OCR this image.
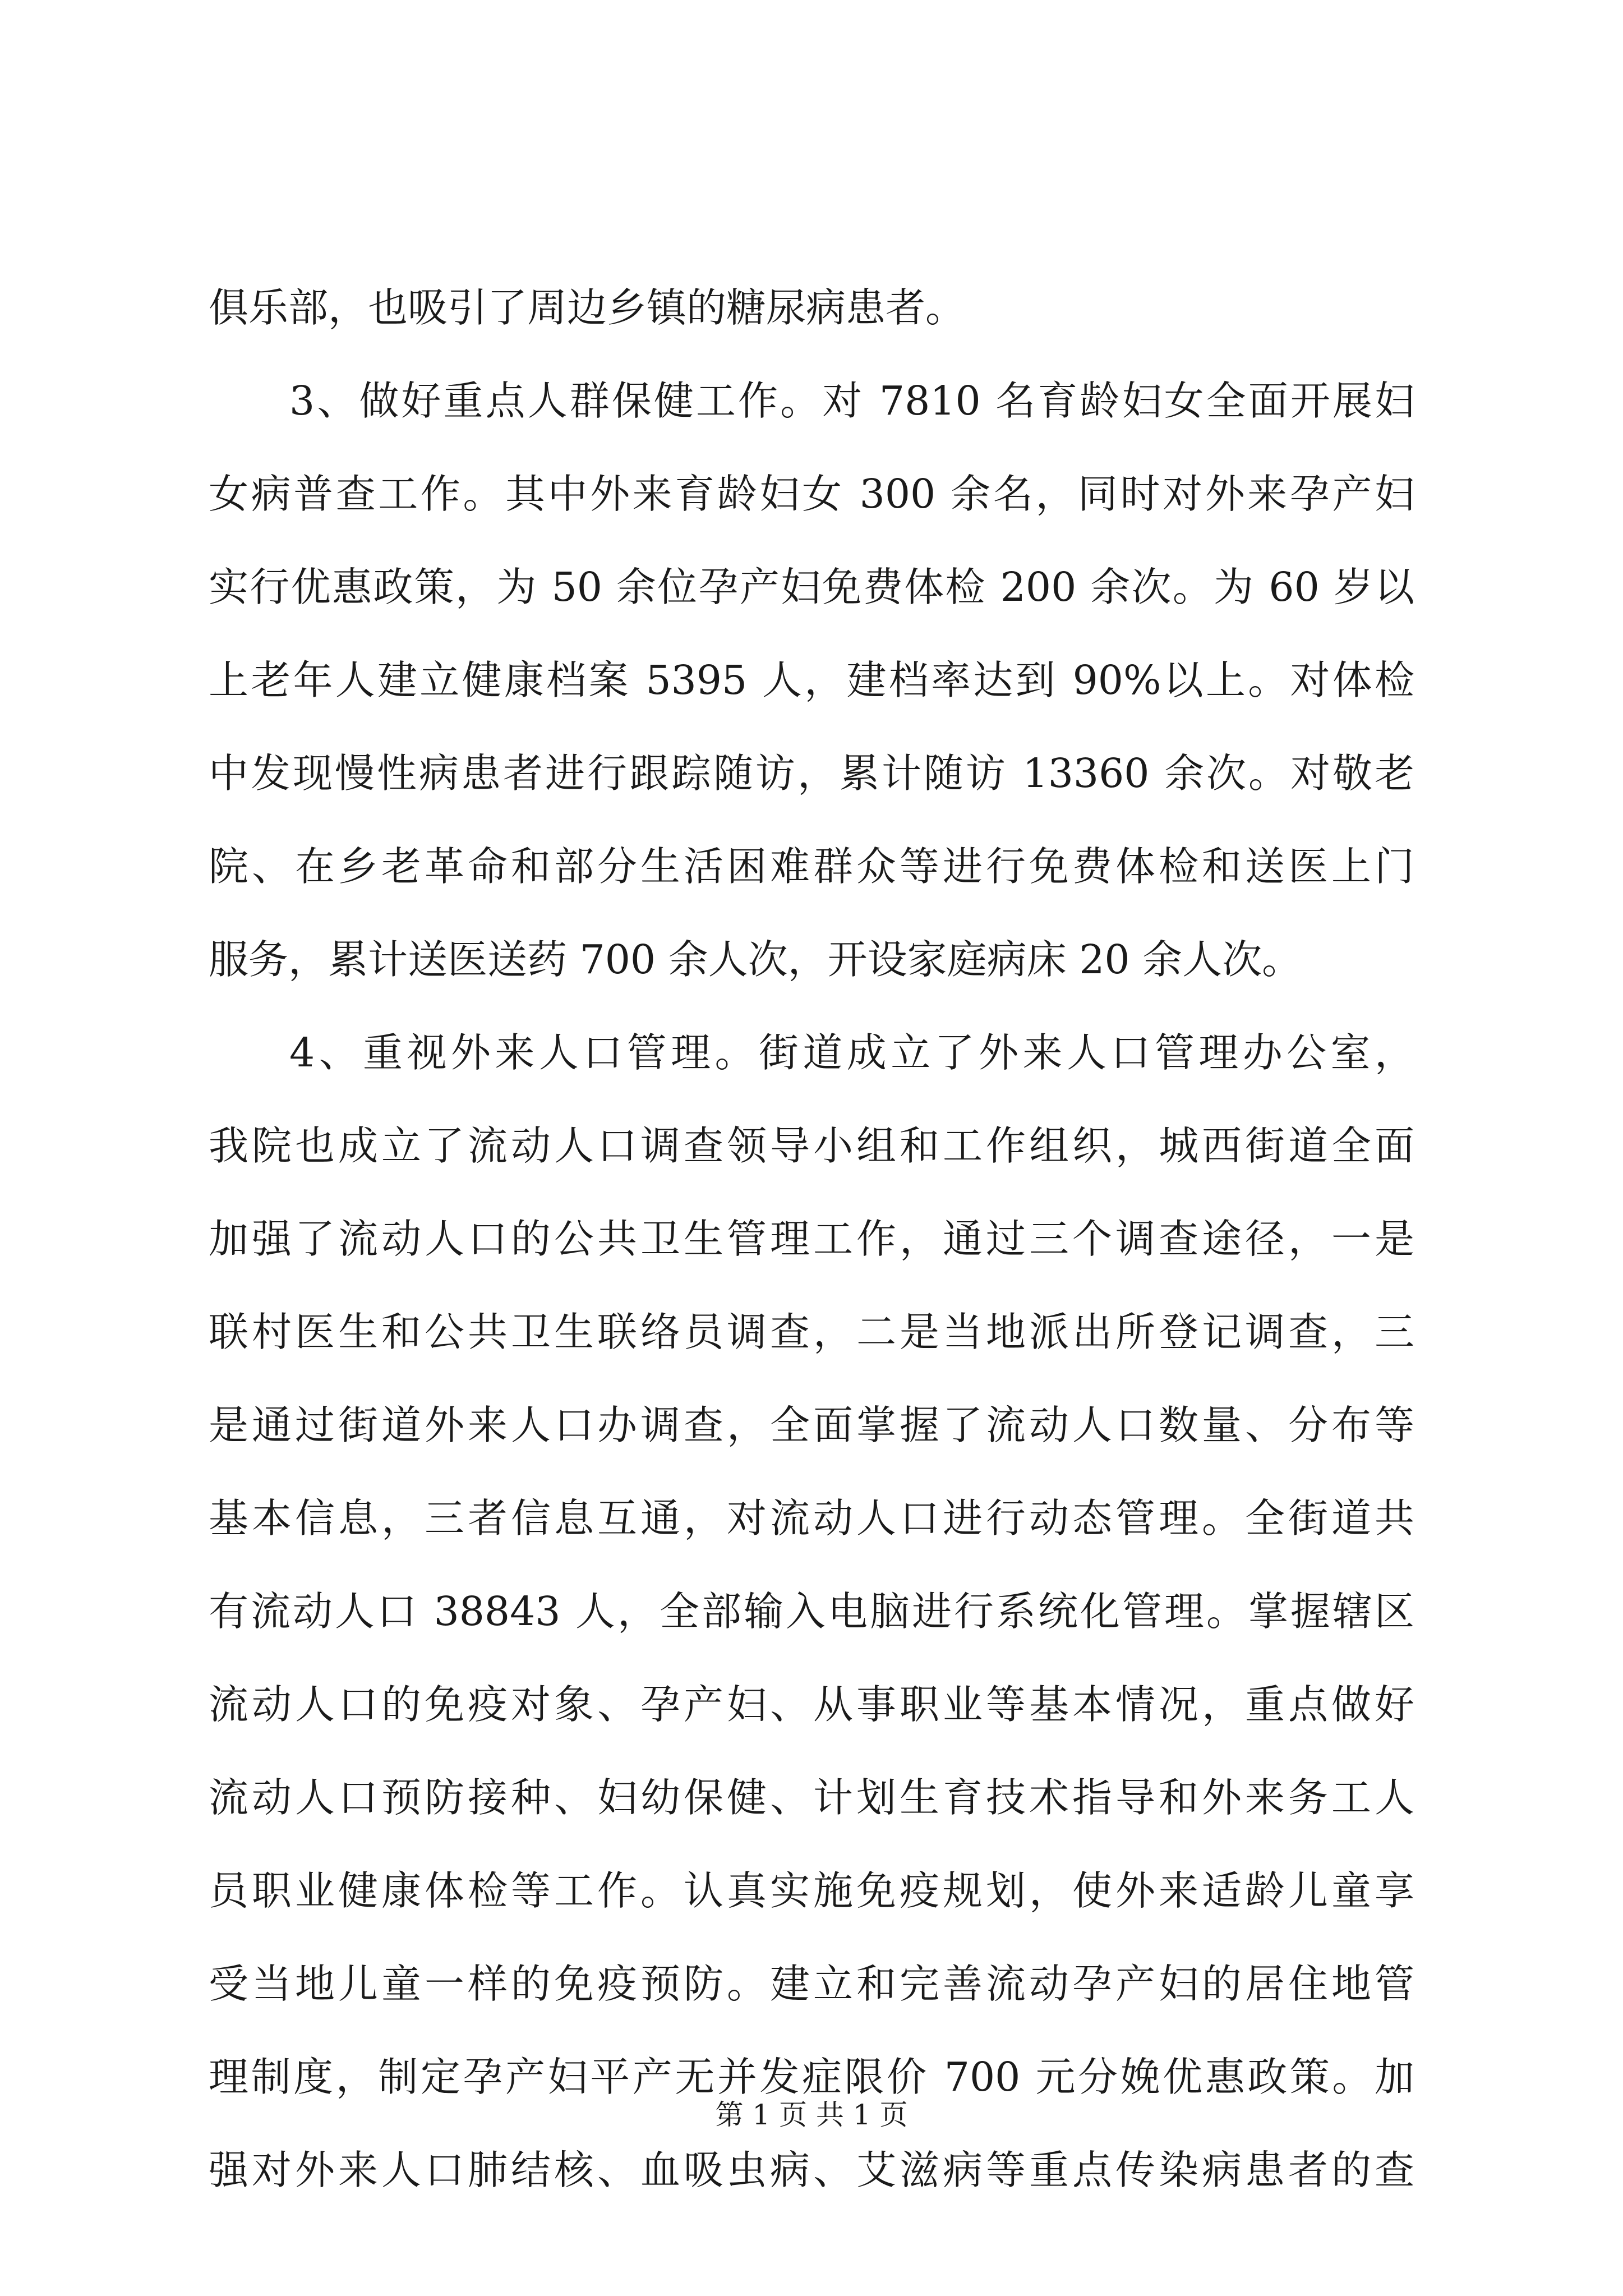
俱乐部，也吸引了周边乡镇的糖尿病患者。
3、做好重点人群保健工作。对 7810 名育龄妇女全面开展妇
女病普查工作。其中外来育龄妇女 300 余名，同时对外来孕产妇
实行优惠政策，为 50 余位孕产妇免费体检 200 余次。为 60 岁以
上老年人建立健康档案 5395 人，建档率达到 90%以上。对体检
中发现慢性病患者进行跟踪随访，累计随访 13360 余次。对敬老
院、在乡老革命和部分生活困难群众等进行免费体检和送医上门
服务，累计送医送药 700 余人次，开设家庭病床 20 余人次。
4、重视外来人口管理。街道成立了外来人口管理办公室，
我院也成立了流动人口调查领导小组和工作组织，城西街道全面
加强了流动人口的公共卫生管理工作，通过三个调查途径，一是
联村医生和公共卫生联络员调查，二是当地派出所登记调查，三
是通过街道外来人口办调查，全面掌握了流动人口数量、分布等
基本信息，三者信息互通，对流动人口进行动态管理。全街道共
有流动人口 38843 人，全部输入电脑进行系统化管理。掌握辖区
流动人口的免疫对象、孕产妇、从事职业等基本情况，重点做好
流动人口预防接种、妇幼保健、计划生育技术指导和外来务工人
员职业健康体检等工作。认真实施免疫规划，使外来适龄儿童享
受当地儿童一样的免疫预防。建立和完善流动孕产妇的居住地管
理制度，制定孕产妇平产无并发症限价 700 元分娩优惠政策。加
强对外来人口肺结核、血吸虫病、艾滋病等重点传染病患者的查
第 1 页 共 1 页
